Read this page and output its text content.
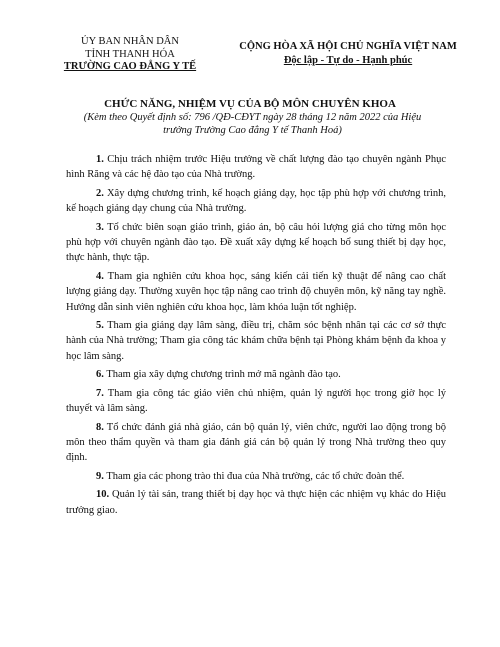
ỦY BAN NHÂN DÂN
TỈNH THANH HÓA
TRƯỜNG CAO ĐẲNG Y TẾ
CỘNG HÒA XÃ HỘI CHỦ NGHĨA VIỆT NAM
Độc lập - Tự do - Hạnh phúc
CHỨC NĂNG, NHIỆM VỤ CỦA BỘ MÔN CHUYÊN KHOA
(Kèm theo Quyết định số: 796 /QĐ-CĐYT ngày 28 tháng 12 năm 2022 của Hiệu trưởng Trường Cao đẳng Y tế Thanh Hoá)

1. Chịu trách nhiệm trước Hiệu trưởng về chất lượng đào tạo chuyên ngành Phục hình Răng và các hệ đào tạo của Nhà trường.

2. Xây dựng chương trình, kế hoạch giảng dạy, học tập phù hợp với chương trình, kế hoạch giảng dạy chung của Nhà trường.

3. Tổ chức biên soạn giáo trình, giáo án, bộ câu hỏi lượng giá cho từng môn học phù hợp với chuyên ngành đào tạo. Đề xuất xây dựng kế hoạch bổ sung thiết bị dạy học, thực hành, thực tập.

4. Tham gia nghiên cứu khoa học, sáng kiến cải tiến kỹ thuật để nâng cao chất lượng giảng dạy. Thường xuyên học tập nâng cao trình độ chuyên môn, kỹ năng tay nghề. Hướng dẫn sinh viên nghiên cứu khoa học, làm khóa luận tốt nghiệp.

5. Tham gia giảng dạy lâm sàng, điều trị, chăm sóc bệnh nhân tại các cơ sở thực hành của Nhà trường; Tham gia công tác khám chữa bệnh tại Phòng khám bệnh đa khoa y học lâm sàng.

6. Tham gia xây dựng chương trình mở mã ngành đào tạo.

7. Tham gia công tác giáo viên chủ nhiệm, quản lý người học trong giờ học lý thuyết và lâm sàng.

8. Tổ chức đánh giá nhà giáo, cán bộ quản lý, viên chức, người lao động trong bộ môn theo thẩm quyền và tham gia đánh giá cán bộ quản lý trong Nhà trường theo quy định.

9. Tham gia các phong trào thi đua của Nhà trường, các tổ chức đoàn thể.

10. Quản lý tài sản, trang thiết bị dạy học và thực hiện các nhiệm vụ khác do Hiệu trưởng giao.
